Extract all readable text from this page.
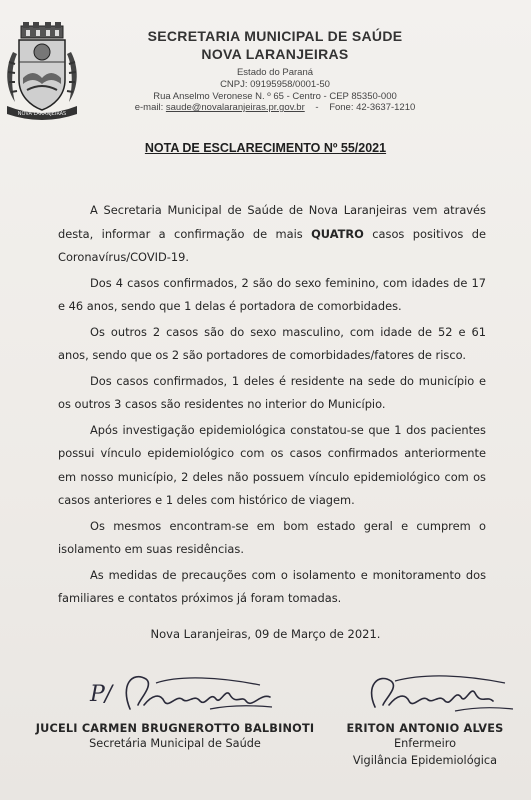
NOVA LARANJEIRAS
SECRETARIA MUNICIPAL DE SAÚDE
NOVA LARANJEIRAS
Estado do Paraná
CNPJ: 09195958/0001-50
Rua Anselmo Veronese N. º 65 - Centro - CEP 85350-000
e-mail: saude@novalaranjeiras.pr.gov.br - Fone: 42-3637-1210
NOTA DE ESCLARECIMENTO Nº 55/2021

A Secretaria Municipal de Saúde de Nova Laranjeiras vem através desta, informar a confirmação de mais QUATRO casos positivos de Coronavírus/COVID-19.

Dos 4 casos confirmados, 2 são do sexo feminino, com idades de 17 e 46 anos, sendo que 1 delas é portadora de comorbidades.

Os outros 2 casos são do sexo masculino, com idade de 52 e 61 anos, sendo que os 2 são portadores de comorbidades/fatores de risco.

Dos casos confirmados, 1 deles é residente na sede do município e os outros 3 casos são residentes no interior do Município.

Após investigação epidemiológica constatou-se que 1 dos pacientes possui vínculo epidemiológico com os casos confirmados anteriormente em nosso município, 2 deles não possuem vínculo epidemiológico com os casos anteriores e 1 deles com histórico de viagem.

Os mesmos encontram-se em bom estado geral e cumprem o isolamento em suas residências.

As medidas de precauções com o isolamento e monitoramento dos familiares e contatos próximos já foram tomadas.

Nova Laranjeiras, 09 de Março de 2021.
P/
JUCELI CARMEN BRUGNEROTTO BALBINOTI
Secretária Municipal de Saúde
ERITON ANTONIO ALVES
Enfermeiro
Vigilância Epidemiológica
